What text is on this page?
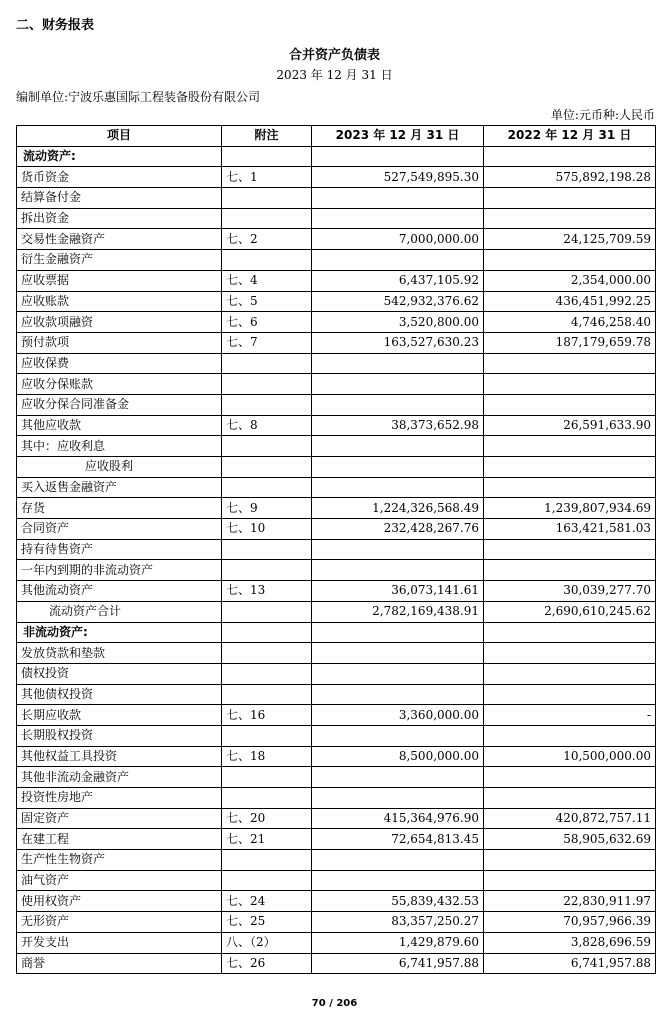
二、财务报表
合并资产负债表
2023 年 12 月 31 日
编制单位:宁波乐惠国际工程装备股份有限公司
单位:元币种:人民币
项目	附注	2023 年 12 月 31 日	2022 年 12 月 31 日
流动资产:			
货币资金	七、1	527,549,895.30	575,892,198.28
结算备付金			
拆出资金			
交易性金融资产	七、2	7,000,000.00	24,125,709.59
衍生金融资产			
应收票据	七、4	6,437,105.92	2,354,000.00
应收账款	七、5	542,932,376.62	436,451,992.25
应收款项融资	七、6	3,520,800.00	4,746,258.40
预付款项	七、7	163,527,630.23	187,179,659.78
应收保费			
应收分保账款			
应收分保合同准备金			
其他应收款	七、8	38,373,652.98	26,591,633.90
其中：应收利息			
应收股利			
买入返售金融资产			
存货	七、9	1,224,326,568.49	1,239,807,934.69
合同资产	七、10	232,428,267.76	163,421,581.03
持有待售资产			
一年内到期的非流动资产			
其他流动资产	七、13	36,073,141.61	30,039,277.70
流动资产合计		2,782,169,438.91	2,690,610,245.62
非流动资产:			
发放贷款和垫款			
债权投资			
其他债权投资			
长期应收款	七、16	3,360,000.00	-
长期股权投资			
其他权益工具投资	七、18	8,500,000.00	10,500,000.00
其他非流动金融资产			
投资性房地产			
固定资产	七、20	415,364,976.90	420,872,757.11
在建工程	七、21	72,654,813.45	58,905,632.69
生产性生物资产			
油气资产			
使用权资产	七、24	55,839,432.53	22,830,911.97
无形资产	七、25	83,357,250.27	70,957,966.39
开发支出	八、（2）	1,429,879.60	3,828,696.59
商誉	七、26	6,741,957.88	6,741,957.88
70 / 206
